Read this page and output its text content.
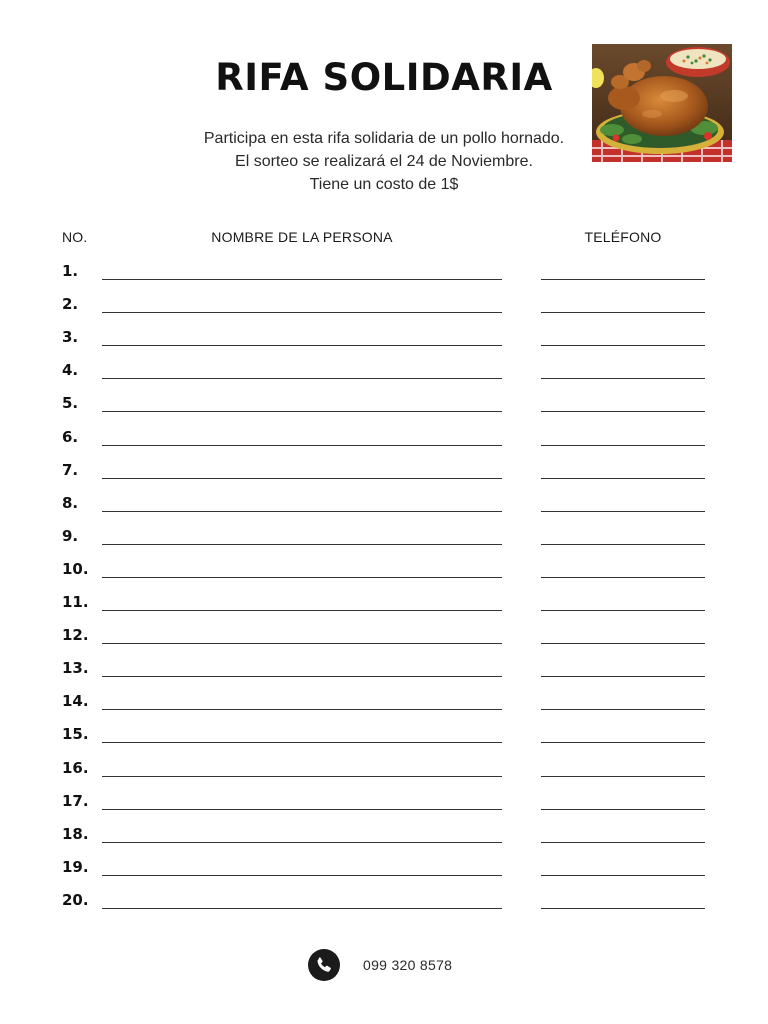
RIFA SOLIDARIA
Participa en esta rifa solidaria de un pollo hornado.
El sorteo se realizará el 24 de Noviembre.
Tiene un costo de 1$
NO.	NOMBRE DE LA PERSONA	TELÉFONO
1.
2.
3.
4.
5.
6.
7.
8.
9.
10.
11.
12.
13.
14.
15.
16.
17.
18.
19.
20.
099 320 8578
